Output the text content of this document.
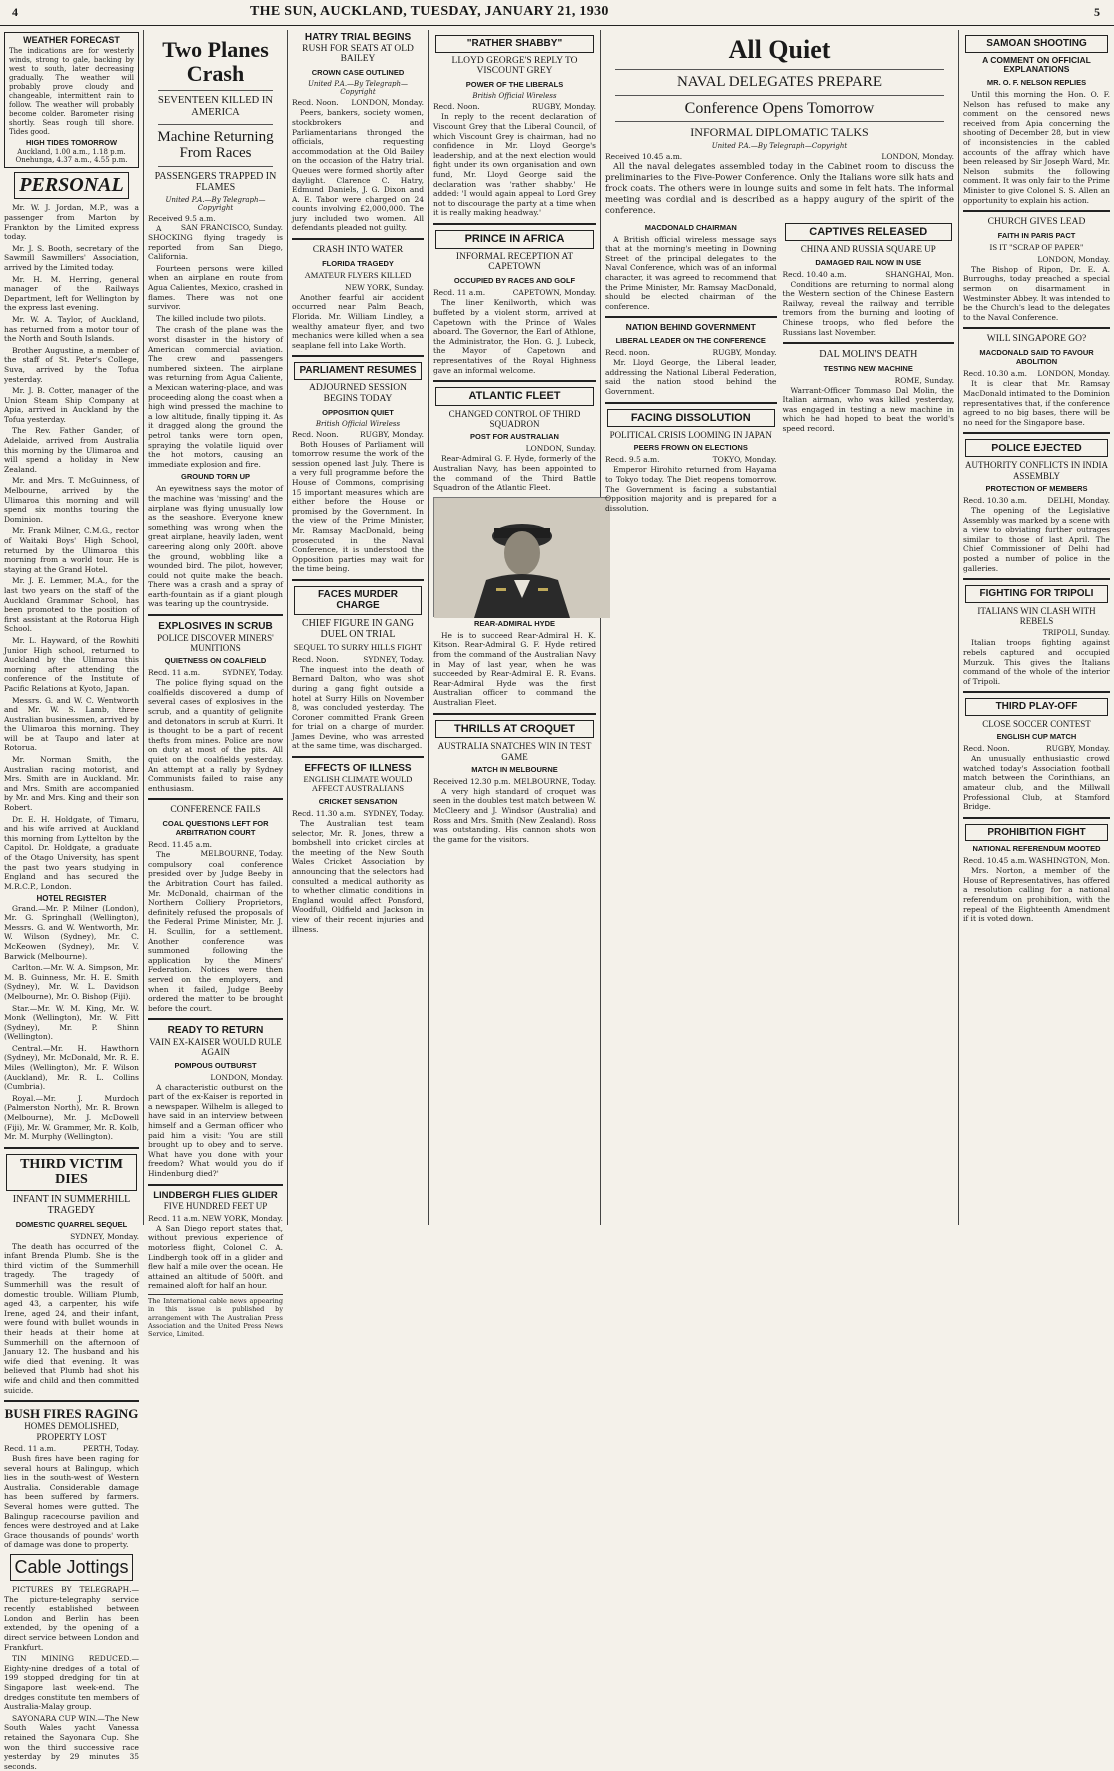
4	THE SUN, AUCKLAND, TUESDAY, JANUARY 21, 1930	5
WEATHER FORECAST
The indications are for westerly winds, strong to gale, backing by west to south, later decreasing gradually. The weather will probably prove cloudy and changeable, intermittent rain to follow. The weather will probably become colder. Barometer rising shortly. Seas rough till shore. Tides good.
HIGH TIDES TOMORROW
Auckland, 1.00 a.m., 1.18 p.m.
Onehunga, 4.37 a.m., 4.55 p.m.
PERSONAL

Mr. W. J. Jordan, M.P., was a passenger from Marton by Frankton by the Limited express today.

Mr. J. S. Booth, secretary of the Sawmill Sawmillers' Association, arrived by the Limited today.

Mr. H. M. Herring, general manager of the Railways Department, left for Wellington by the express last evening.

Mr. W. A. Taylor, of Auckland, has returned from a motor tour of the North and South Islands.

Brother Augustine, a member of the staff of St. Peter's College, Suva, arrived by the Tofua yesterday.

Mr. J. B. Cotter, manager of the Union Steam Ship Company at Apia, arrived in Auckland by the Tofua yesterday.

The Rev. Father Gander, of Adelaide, arrived from Australia this morning by the Ulimaroa and will spend a holiday in New Zealand.

Mr. and Mrs. T. McGuinness, of Melbourne, arrived by the Ulimaroa this morning and will spend six months touring the Dominion.

Mr. Frank Milner, C.M.G., rector of Waitaki Boys' High School, returned by the Ulimaroa this morning from a world tour. He is staying at the Grand Hotel.

Mr. J. E. Lemmer, M.A., for the last two years on the staff of the Auckland Grammar School, has been promoted to the position of first assistant at the Rotorua High School.

Mr. L. Hayward, of the Rowhiti Junior High school, returned to Auckland by the Ulimaroa this morning after attending the conference of the Institute of Pacific Relations at Kyoto, Japan.

Messrs. G. and W. C. Wentworth and Mr. W. S. Lamb, three Australian businessmen, arrived by the Ulimaroa this morning. They will be at Taupo and later at Rotorua.

Mr. Norman Smith, the Australian racing motorist, and Mrs. Smith are in Auckland. Mr. and Mrs. Smith are accompanied by Mr. and Mrs. King and their son Robert.

Dr. E. H. Holdgate, of Timaru, and his wife arrived at Auckland this morning from Lyttelton by the Capitol. Dr. Holdgate, a graduate of the Otago University, has spent the past two years studying in England and has secured the M.R.C.P., London.

HOTEL REGISTER

Grand.—Mr. P. Milner (London), Mr. G. Springhall (Wellington), Messrs. G. and W. Wentworth, Mr. W. Wilson (Sydney), Mr. C. McKeowen (Sydney), Mr. V. Barwick (Melbourne).

Carlton.—Mr. W. A. Simpson, Mr. M. B. Guinness, Mr. H. E. Smith (Sydney), Mr. W. L. Davidson (Melbourne), Mr. O. Bishop (Fiji).

Star.—Mr. W. M. King, Mr. W. Monk (Wellington), Mr. W. Fitt (Sydney), Mr. P. Shinn (Wellington).

Central.—Mr. H. Hawthorn (Sydney), Mr. McDonald, Mr. R. E. Miles (Wellington), Mr. F. Wilson (Auckland), Mr. R. L. Collins (Cumbria).

Royal.—Mr. J. Murdoch (Palmerston North), Mr. R. Brown (Melbourne), Mr. J. McDowell (Fiji), Mr. W. Grammer, Mr. R. Kolb, Mr. M. Murphy (Wellington).

THIRD VICTIM DIES
INFANT IN SUMMERHILL TRAGEDY
DOMESTIC QUARREL SEQUEL
SYDNEY, Monday.

The death has occurred of the infant Brenda Plumb. She is the third victim of the Summerhill tragedy. The tragedy of Summerhill was the result of domestic trouble. William Plumb, aged 43, a carpenter, his wife Irene, aged 24, and their infant, were found with bullet wounds in their heads at their home at Summerhill on the afternoon of January 12. The husband and his wife died that evening. It was believed that Plumb had shot his wife and child and then committed suicide.

BUSH FIRES RAGING
HOMES DEMOLISHED, PROPERTY LOST
Recd. 11 a.m.	PERTH, Today.

Bush fires have been raging for several hours at Balingup, which lies in the south-west of Western Australia. Considerable damage has been suffered by farmers. Several homes were gutted. The Balingup racecourse pavilion and fences were destroyed and at Lake Grace thousands of pounds' worth of damage was done to property.

Cable Jottings

PICTURES BY TELEGRAPH.—The picture-telegraphy service recently established between London and Berlin has been extended, by the opening of a direct service between London and Frankfurt.

TIN MINING REDUCED.—Eighty-nine dredges of a total of 199 stopped dredging for tin at Singapore last week-end. The dredges constitute ten members of Australia-Malay group.

SAYONARA CUP WIN.—The New South Wales yacht Vanessa retained the Sayonara Cup. She won the third successive race yesterday by 29 minutes 35 seconds.

Two Planes Crash
SEVENTEEN KILLED IN AMERICA
Machine Returning From Races
PASSENGERS TRAPPED IN FLAMES
United P.A.—By Telegraph—Copyright
Received 9.5 a.m.
SAN FRANCISCO, Sunday.

A SHOCKING flying tragedy is reported from San Diego, California.

Fourteen persons were killed when an airplane en route from Agua Calientes, Mexico, crashed in flames. There was not one survivor.

The killed include two pilots.

The crash of the plane was the worst disaster in the history of American commercial aviation. The crew and passengers numbered sixteen. The airplane was returning from Agua Caliente, a Mexican watering-place, and was proceeding along the coast when a high wind pressed the machine to a low altitude, finally tipping it. As it dragged along the ground the petrol tanks were torn open, spraying the volatile liquid over the hot motors, causing an immediate explosion and fire.

GROUND TORN UP

An eyewitness says the motor of the machine was 'missing' and the airplane was flying unusually low as the seashore. Everyone knew something was wrong when the great airplane, heavily laden, went careering along only 200ft. above the ground, wobbling like a wounded bird. The pilot, however, could not quite make the beach. There was a crash and a spray of earth-fountain as if a giant plough was tearing up the countryside.

EXPLOSIVES IN SCRUB
POLICE DISCOVER MINERS' MUNITIONS
QUIETNESS ON COALFIELD
Recd. 11 a.m.	SYDNEY, Today.

The police flying squad on the coalfields discovered a dump of several cases of explosives in the scrub, and a quantity of gelignite and detonators in scrub at Kurri. It is thought to be a part of recent thefts from mines. Police are now on duty at most of the pits. All quiet on the coalfields yesterday. An attempt at a rally by Sydney Communists failed to raise any enthusiasm.

CONFERENCE FAILS
COAL QUESTIONS LEFT FOR ARBITRATION COURT
Recd. 11.45 a.m.
MELBOURNE, Today.

The compulsory coal conference presided over by Judge Beeby in the Arbitration Court has failed. Mr. McDonald, chairman of the Northern Colliery Proprietors, definitely refused the proposals of the Federal Prime Minister, Mr. J. H. Scullin, for a settlement. Another conference was summoned following the application by the Miners' Federation. Notices were then served on the employers, and when it failed, Judge Beeby ordered the matter to be brought before the court.

READY TO RETURN
VAIN EX-KAISER WOULD RULE AGAIN
POMPOUS OUTBURST
LONDON, Monday.

A characteristic outburst on the part of the ex-Kaiser is reported in a newspaper. Wilhelm is alleged to have said in an interview between himself and a German officer who paid him a visit: 'You are still brought up to obey and to serve. What have you done with your freedom? What would you do if Hindenburg died?'

LINDBERGH FLIES GLIDER
FIVE HUNDRED FEET UP
Recd. 11 a.m. NEW YORK, Monday.

A San Diego report states that, without previous experience of motorless flight, Colonel C. A. Lindbergh took off in a glider and flew half a mile over the ocean. He attained an altitude of 500ft. and remained aloft for half an hour.

The International cable news appearing in this issue is published by arrangement with The Australian Press Association and the United Press News Service, Limited.
HATRY TRIAL BEGINS
RUSH FOR SEATS AT OLD BAILEY
CROWN CASE OUTLINED
United P.A.—By Telegraph—Copyright
Recd. Noon. LONDON, Monday.

Peers, bankers, society women, stockbrokers and Parliamentarians thronged the officials, requesting accommodation at the Old Bailey on the occasion of the Hatry trial. Queues were formed shortly after daylight. Clarence C. Hatry, Edmund Daniels, J. G. Dixon and A. E. Tabor were charged on 24 counts involving £2,000,000. The jury included two women. All defendants pleaded not guilty.

CRASH INTO WATER
FLORIDA TRAGEDY
AMATEUR FLYERS KILLED
NEW YORK, Sunday.

Another fearful air accident occurred near Palm Beach, Florida. Mr. William Lindley, a wealthy amateur flyer, and two mechanics were killed when a sea seaplane fell into Lake Worth.

PARLIAMENT RESUMES
ADJOURNED SESSION BEGINS TODAY
OPPOSITION QUIET
British Official Wireless
Recd. Noon.	RUGBY, Monday.

Both Houses of Parliament will tomorrow resume the work of the session opened last July. There is a very full programme before the House of Commons, comprising 15 important measures which are either before the House or promised by the Government. In the view of the Prime Minister, Mr. Ramsay MacDonald, being prosecuted in the Naval Conference, it is understood the Opposition parties may wait for the time being.

FACES MURDER CHARGE
CHIEF FIGURE IN GANG DUEL ON TRIAL
SEQUEL TO SURRY HILLS FIGHT
Recd. Noon.	SYDNEY, Today.

The inquest into the death of Bernard Dalton, who was shot during a gang fight outside a hotel at Surry Hills on November 8, was concluded yesterday. The Coroner committed Frank Green for trial on a charge of murder. James Devine, who was arrested at the same time, was discharged.

EFFECTS OF ILLNESS
ENGLISH CLIMATE WOULD AFFECT AUSTRALIANS
CRICKET SENSATION
Recd. 11.30 a.m. SYDNEY, Today.

The Australian test team selector, Mr. R. Jones, threw a bombshell into cricket circles at the meeting of the New South Wales Cricket Association by announcing that the selectors had consulted a medical authority as to whether climatic conditions in England would affect Ponsford, Woodfull, Oldfield and Jackson in view of their recent injuries and illness.

"RATHER SHABBY"
LLOYD GEORGE'S REPLY TO VISCOUNT GREY
POWER OF THE LIBERALS
British Official Wireless
Recd. Noon.	RUGBY, Monday.

In reply to the recent declaration of Viscount Grey that the Liberal Council, of which Viscount Grey is chairman, had no confidence in Mr. Lloyd George's leadership, and at the next election would fight under its own organisation and own fund, Mr. Lloyd George said the declaration was 'rather shabby.' He added: 'I would again appeal to Lord Grey not to discourage the party at a time when it is really making headway.'

PRINCE IN AFRICA
INFORMAL RECEPTION AT CAPETOWN
OCCUPIED BY RACES AND GOLF
Recd. 11 a.m.	CAPETOWN, Monday.

The liner Kenilworth, which was buffeted by a violent storm, arrived at Capetown with the Prince of Wales aboard. The Governor, the Earl of Athlone, the Administrator, the Hon. G. J. Lubeck, the Mayor of Capetown and representatives of the Royal Highness gave an informal welcome.

ATLANTIC FLEET
CHANGED CONTROL OF THIRD SQUADRON
POST FOR AUSTRALIAN
LONDON, Sunday.

Rear-Admiral G. F. Hyde, formerly of the Australian Navy, has been appointed to the command of the Third Battle Squadron of the Atlantic Fleet.

REAR-ADMIRAL HYDE

He is to succeed Rear-Admiral H. K. Kitson. Rear-Admiral G. F. Hyde retired from the command of the Australian Navy in May of last year, when he was succeeded by Rear-Admiral E. R. Evans. Rear-Admiral Hyde was the first Australian officer to command the Australian Fleet.

THRILLS AT CROQUET
AUSTRALIA SNATCHES WIN IN TEST GAME
MATCH IN MELBOURNE
Received 12.30 p.m. MELBOURNE, Today.

A very high standard of croquet was seen in the doubles test match between W. McCleery and J. Windsor (Australia) and Ross and Mrs. Smith (New Zealand). Ross was outstanding. His cannon shots won the game for the visitors.

All Quiet
NAVAL DELEGATES PREPARE
Conference Opens Tomorrow
INFORMAL DIPLOMATIC TALKS
United P.A.—By Telegraph—Copyright
Received 10.45 a.m.	LONDON, Monday.

All the naval delegates assembled today in the Cabinet room to discuss the preliminaries to the Five-Power Conference. Only the Italians wore silk hats and frock coats. The others were in lounge suits and some in felt hats. The informal meeting was cordial and is described as a happy augury of the spirit of the conference.

MACDONALD CHAIRMAN

A British official wireless message says that at the morning's meeting in Downing Street of the principal delegates to the Naval Conference, which was of an informal character, it was agreed to recommend that the Prime Minister, Mr. Ramsay MacDonald, should be elected chairman of the conference.

NATION BEHIND GOVERNMENT
LIBERAL LEADER ON THE CONFERENCE
Recd. noon.	RUGBY, Monday.

Mr. Lloyd George, the Liberal leader, addressing the National Liberal Federation, said the nation stood behind the Government.

FACING DISSOLUTION
POLITICAL CRISIS LOOMING IN JAPAN
PEERS FROWN ON ELECTIONS
Recd. 9.5 a.m.	TOKYO, Monday.

Emperor Hirohito returned from Hayama to Tokyo today. The Diet reopens tomorrow. The Government is facing a substantial Opposition majority and is prepared for a dissolution.

CAPTIVES RELEASED
CHINA AND RUSSIA SQUARE UP
DAMAGED RAIL NOW IN USE
Recd. 10.40 a.m.	SHANGHAI, Mon.

Conditions are returning to normal along the Western section of the Chinese Eastern Railway, reveal the railway and terrible tremors from the burning and looting of Chinese troops, who fled before the Russians last November.

DAL MOLIN'S DEATH
TESTING NEW MACHINE
ROME, Sunday.

Warrant-Officer Tommaso Dal Molin, the Italian airman, who was killed yesterday, was engaged in testing a new machine in which he had hoped to beat the world's speed record.

SAMOAN SHOOTING
A COMMENT ON OFFICIAL EXPLANATIONS
MR. O. F. NELSON REPLIES

Until this morning the Hon. O. F. Nelson has refused to make any comment on the censored news received from Apia concerning the shooting of December 28, but in view of inconsistencies in the cabled accounts of the affray which have been released by Sir Joseph Ward, Mr. Nelson submits the following comment. It was only fair to the Prime Minister to give Colonel S. S. Allen an opportunity to explain his action.

CHURCH GIVES LEAD
FAITH IN PARIS PACT
IS IT "SCRAP OF PAPER"
LONDON, Monday.

The Bishop of Ripon, Dr. E. A. Burroughs, today preached a special sermon on disarmament in Westminster Abbey. It was intended to be the Church's lead to the delegates to the Naval Conference.

WILL SINGAPORE GO?
MACDONALD SAID TO FAVOUR ABOLITION
Recd. 10.30 a.m. LONDON, Monday.

It is clear that Mr. Ramsay MacDonald intimated to the Dominion representatives that, if the conference agreed to no big bases, there will be no need for the Singapore base.

POLICE EJECTED
AUTHORITY CONFLICTS IN INDIA ASSEMBLY
PROTECTION OF MEMBERS
Recd. 10.30 a.m.	DELHI, Monday.

The opening of the Legislative Assembly was marked by a scene with a view to obviating further outrages similar to those of last April. The Chief Commissioner of Delhi had posted a number of police in the galleries.

FIGHTING FOR TRIPOLI
ITALIANS WIN CLASH WITH REBELS
TRIPOLI, Sunday.

Italian troops fighting against rebels captured and occupied Murzuk. This gives the Italians command of the whole of the interior of Tripoli.

THIRD PLAY-OFF
CLOSE SOCCER CONTEST
ENGLISH CUP MATCH
Recd. Noon.	RUGBY, Monday.

An unusually enthusiastic crowd watched today's Association football match between the Corinthians, an amateur club, and the Millwall Professional Club, at Stamford Bridge.

PROHIBITION FIGHT
NATIONAL REFERENDUM MOOTED
Recd. 10.45 a.m. WASHINGTON, Mon.

Mrs. Norton, a member of the House of Representatives, has offered a resolution calling for a national referendum on prohibition, with the repeal of the Eighteenth Amendment if it is voted down.
